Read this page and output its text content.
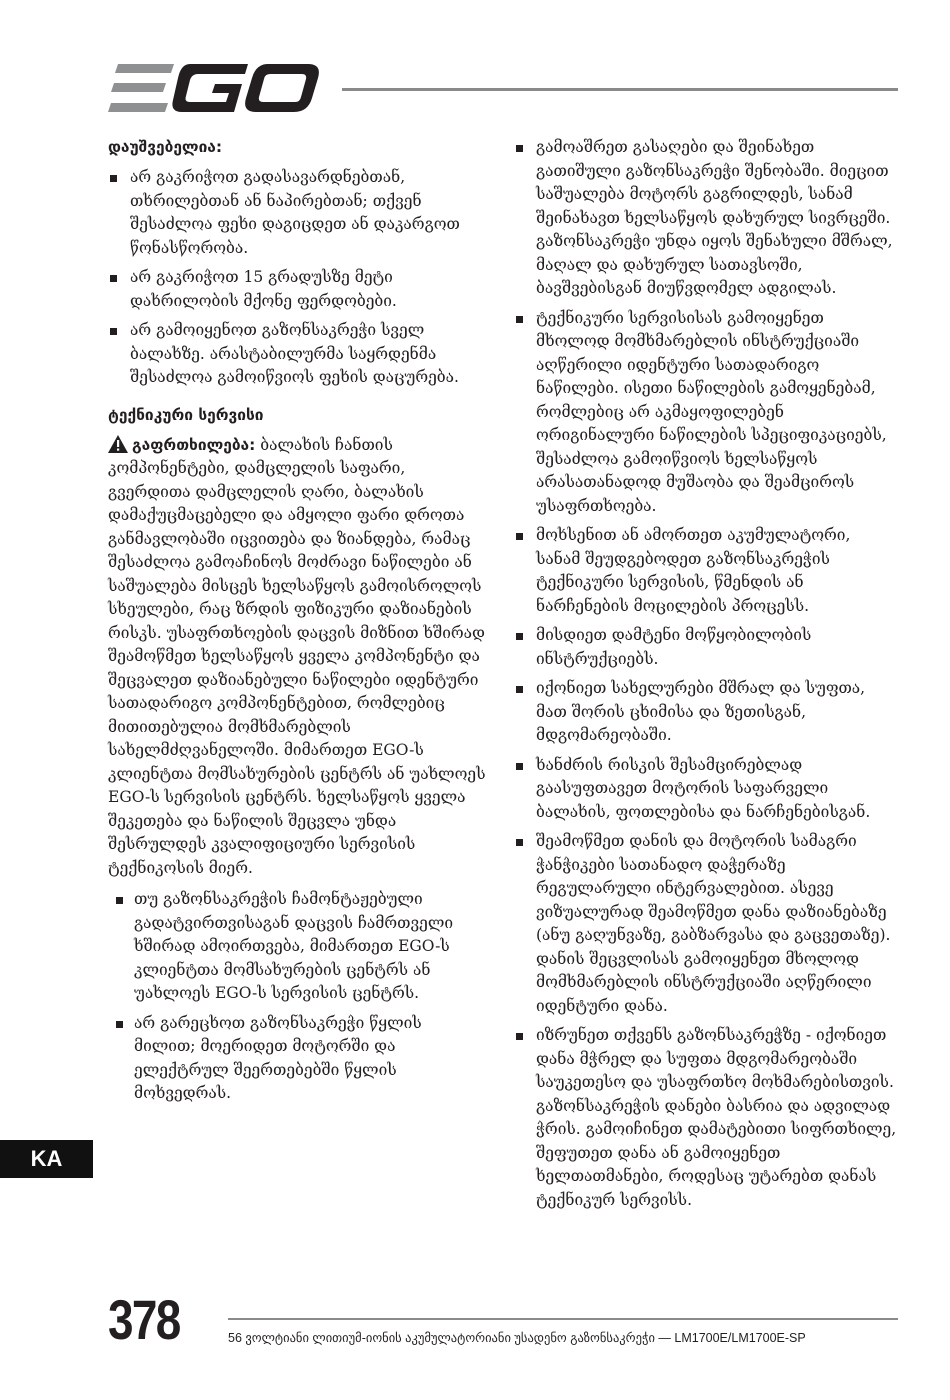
დაუშვებელია:

არ გაკრიჭოთ გადასავარდნებთან, თხრილებთან ან ნაპირებთან; თქვენ შესაძლოა ფეხი დაგიცდეთ ან დაკარგოთ წონასწორობა.
არ გაკრიჭოთ 15 გრადუსზე მეტი დახრილობის მქონე ფერდობები.
არ გამოიყენოთ გაზონსაკრეჭი სველ ბალახზე. არასტაბილურმა საყრდენმა შესაძლოა გამოიწვიოს ფეხის დაცურება.

ტექნიკური სერვისი

გაფრთხილება: ბალახის ჩანთის კომპონენტები, დამცლელის საფარი, გვერდითა დამცლელის ღარი, ბალახის დამაქუცმაცებელი და ამყოლი ფარი დროთა განმავლობაში იცვითება და ზიანდება, რამაც შესაძლოა გამოაჩინოს მოძრავი ნაწილები ან საშუალება მისცეს ხელსაწყოს გამოისროლოს სხეულები, რაც ზრდის ფიზიკური დაზიანების რისკს. უსაფრთხოების დაცვის მიზნით ხშირად შეამოწმეთ ხელსაწყოს ყველა კომპონენტი და შეცვალეთ დაზიანებული ნაწილები იდენტური სათადარიგო კომპონენტებით, რომლებიც მითითებულია მომხმარებლის სახელმძღვანელოში. მიმართეთ EGO-ს კლიენტთა მომსახურების ცენტრს ან უახლოეს EGO-ს სერვისის ცენტრს. ხელსაწყოს ყველა შეკეთება და ნაწილის შეცვლა უნდა შესრულდეს კვალიფიციური სერვისის ტექნიკოსის მიერ.

თუ გაზონსაკრეჭის ჩამონტაჟებული გადატვირთვისაგან დაცვის ჩამრთველი ხშირად ამოირთვება, მიმართეთ EGO-ს კლიენტთა მომსახურების ცენტრს ან უახლოეს EGO-ს სერვისის ცენტრს.
არ გარეცხოთ გაზონსაკრეჭი წყლის მილით; მოერიდეთ მოტორში და ელექტრულ შეერთებებში წყლის მოხვედრას.
გამოაშრეთ გასაღები და შეინახეთ გათიშული გაზონსაკრეჭი შენობაში. მიეცით საშუალება მოტორს გაგრილდეს, სანამ შეინახავთ ხელსაწყოს დახურულ სივრცეში. გაზონსაკრეჭი უნდა იყოს შენახული მშრალ, მაღალ და დახურულ სათავსოში, ბავშვებისგან მიუწვდომელ ადგილას.
ტექნიკური სერვისისას გამოიყენეთ მხოლოდ მომხმარებლის ინსტრუქციაში აღწერილი იდენტური სათადარიგო ნაწილები. ისეთი ნაწილების გამოყენებამ, რომლებიც არ აკმაყოფილებენ ორიგინალური ნაწილების სპეციფიკაციებს, შესაძლოა გამოიწვიოს ხელსაწყოს არასათანადოდ მუშაობა და შეამციროს უსაფრთხოება.
მოხსენით ან ამორთეთ აკუმულატორი, სანამ შეუდგებოდეთ გაზონსაკრეჭის ტექნიკური სერვისის, წმენდის ან ნარჩენების მოცილების პროცესს.
მისდიეთ დამტენი მოწყობილობის ინსტრუქციებს.
იქონიეთ სახელურები მშრალ და სუფთა, მათ შორის ცხიმისა და ზეთისგან, მდგომარეობაში.
ხანძრის რისკის შესამცირებლად გაასუფთავეთ მოტორის საფარველი ბალახის, ფოთლებისა და ნარჩენებისგან.
შეამოწმეთ დანის და მოტორის სამაგრი ჭანჭიკები სათანადო დაჭერაზე რეგულარული ინტერვალებით. ასევე ვიზუალურად შეამოწმეთ დანა დაზიანებაზე (ანუ გაღუნვაზე, გაბზარვასა და გაცვეთაზე). დანის შეცვლისას გამოიყენეთ მხოლოდ მომხმარებლის ინსტრუქციაში აღწერილი იდენტური დანა.
იზრუნეთ თქვენს გაზონსაკრეჭზე - იქონიეთ დანა მჭრელ და სუფთა მდგომარეობაში საუკეთესო და უსაფრთხო მოხმარებისთვის. გაზონსაკრეჭის დანები ბასრია და ადვილად ჭრის. გამოიჩინეთ დამატებითი სიფრთხილე, შეფუთეთ დანა ან გამოიყენეთ ხელთათმანები, როდესაც უტარებთ დანას ტექნიკურ სერვისს.
KA
378	56 ვოლტიანი ლითიუმ-იონის აკუმულატორიანი უსადენო გაზონსაკრეჭი — LM1700E/LM1700E-SP
